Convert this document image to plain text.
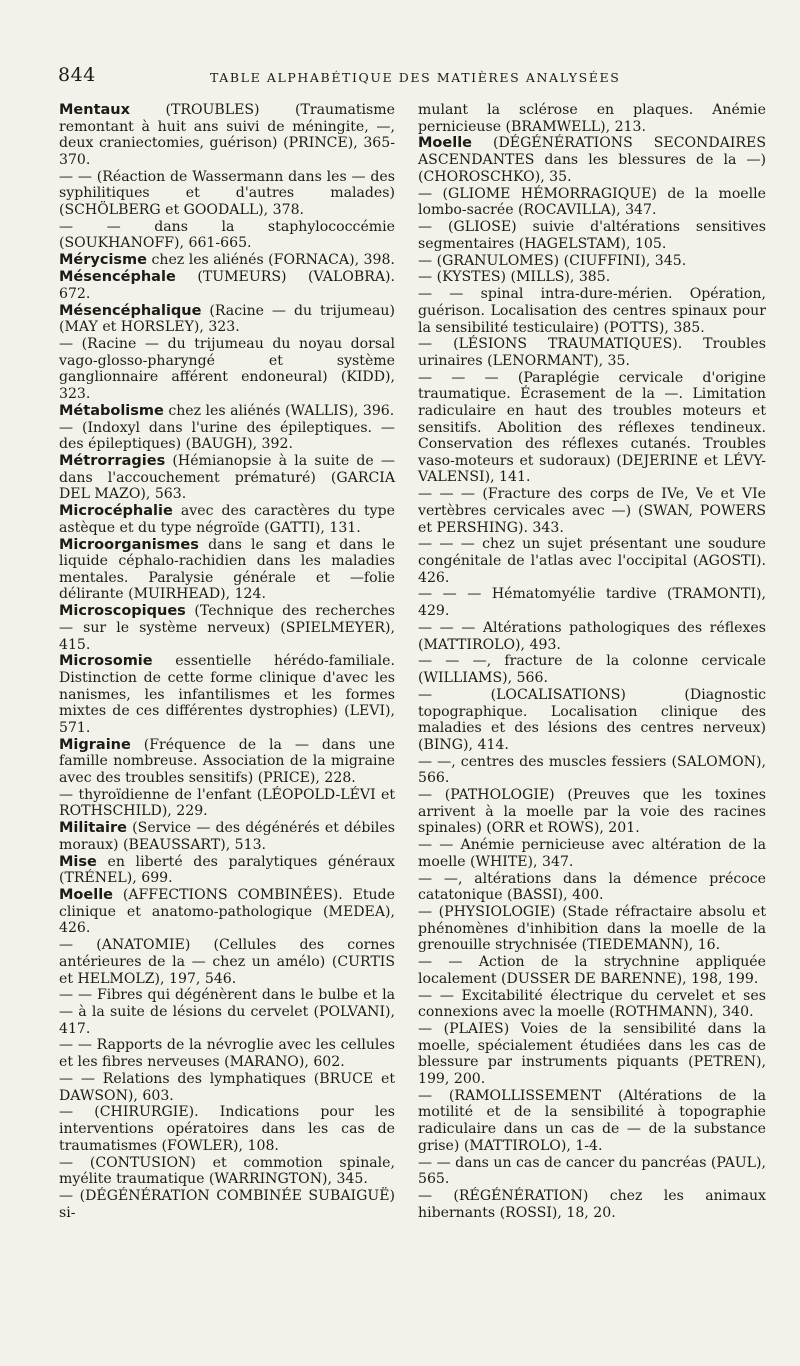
844	TABLE ALPHABÉTIQUE DES MATIÈRES ANALYSÉES

Mentaux (TROUBLES) (Traumatisme remontant à huit ans suivi de méningite, —, deux craniectomies, guérison) (PRINCE), 365-370.

— — (Réaction de Wassermann dans les — des syphilitiques et d'autres malades) (SCHÖLBERG et GOODALL), 378.

— — dans la staphylococcémie (SOUKHANOFF), 661-665.

Mérycisme chez les aliénés (FORNACA), 398.

Mésencéphale (TUMEURS) (VALOBRA). 672.

Mésencéphalique (Racine — du trijumeau) (MAY et HORSLEY), 323.

— (Racine — du trijumeau du noyau dorsal vago-glosso-pharyngé et système ganglionnaire afférent endoneural) (KIDD), 323.

Métabolisme chez les aliénés (WALLIS), 396.

— (Indoxyl dans l'urine des épileptiques. — des épileptiques) (BAUGH), 392.

Métrorragies (Hémianopsie à la suite de — dans l'accouchement prématuré) (GARCIA DEL MAZO), 563.

Microcéphalie avec des caractères du type astèque et du type négroïde (GATTI), 131.

Microorganismes dans le sang et dans le liquide céphalo-rachidien dans les maladies mentales. Paralysie générale et —folie délirante (MUIRHEAD), 124.

Microscopiques (Technique des recherches — sur le système nerveux) (SPIELMEYER), 415.

Microsomie essentielle hérédo-familiale. Distinction de cette forme clinique d'avec les nanismes, les infantilismes et les formes mixtes de ces différentes dystrophies) (LEVI), 571.

Migraine (Fréquence de la — dans une famille nombreuse. Association de la migraine avec des troubles sensitifs) (PRICE), 228.

— thyroïdienne de l'enfant (LÉOPOLD-LÉVI et ROTHSCHILD), 229.

Militaire (Service — des dégénérés et débiles moraux) (BEAUSSART), 513.

Mise en liberté des paralytiques généraux (TRÉNEL), 699.

Moelle (AFFECTIONS COMBINÉES). Etude clinique et anatomo-pathologique (MEDEA), 426.

— (ANATOMIE) (Cellules des cornes antérieures de la — chez un amélo) (CURTIS et HELMOLZ), 197, 546.

— — Fibres qui dégénèrent dans le bulbe et la — à la suite de lésions du cervelet (POLVANI), 417.

— — Rapports de la névroglie avec les cellules et les fibres nerveuses (MARANO), 602.

— — Relations des lymphatiques (BRUCE et DAWSON), 603.

— (CHIRURGIE). Indications pour les interventions opératoires dans les cas de traumatismes (FOWLER), 108.

— (CONTUSION) et commotion spinale, myélite traumatique (WARRINGTON), 345.

— (DÉGÉNÉRATION COMBINÉE SUBAIGUË) si-

mulant la sclérose en plaques. Anémie pernicieuse (BRAMWELL), 213.

Moelle (DÉGÉNÉRATIONS SECONDAIRES ASCENDANTES dans les blessures de la —) (CHOROSCHKO), 35.

— (GLIOME HÉMORRAGIQUE) de la moelle lombo-sacrée (ROCAVILLA), 347.

— (GLIOSE) suivie d'altérations sensitives segmentaires (HAGELSTAM), 105.

— (GRANULOMES) (CIUFFINI), 345.

— (KYSTES) (MILLS), 385.

— — spinal intra-dure-mérien. Opération, guérison. Localisation des centres spinaux pour la sensibilité testiculaire) (POTTS), 385.

— (LÉSIONS TRAUMATIQUES). Troubles urinaires (LENORMANT), 35.

— — — (Paraplégie cervicale d'origine traumatique. Écrasement de la —. Limitation radiculaire en haut des troubles moteurs et sensitifs. Abolition des réflexes tendineux. Conservation des réflexes cutanés. Troubles vaso-moteurs et sudoraux) (DEJERINE et LÉVY-VALENSI), 141.

— — — (Fracture des corps de IVe, Ve et VIe vertèbres cervicales avec —) (SWAN, POWERS et PERSHING). 343.

— — — chez un sujet présentant une soudure congénitale de l'atlas avec l'occipital (AGOSTI). 426.

— — — Hématomyélie tardive (TRAMONTI), 429.

— — — Altérations pathologiques des réflexes (MATTIROLO), 493.

— — —, fracture de la colonne cervicale (WILLIAMS), 566.

— (LOCALISATIONS) (Diagnostic topographique. Localisation clinique des maladies et des lésions des centres nerveux) (BING), 414.

— —, centres des muscles fessiers (SALOMON), 566.

— (PATHOLOGIE) (Preuves que les toxines arrivent à la moelle par la voie des racines spinales) (ORR et ROWS), 201.

— — Anémie pernicieuse avec altération de la moelle (WHITE), 347.

— —, altérations dans la démence précoce catatonique (BASSI), 400.

— (PHYSIOLOGIE) (Stade réfractaire absolu et phénomènes d'inhibition dans la moelle de la grenouille strychnisée (TIEDEMANN), 16.

— — Action de la strychnine appliquée localement (DUSSER DE BARENNE), 198, 199.

— — Excitabilité électrique du cervelet et ses connexions avec la moelle (ROTHMANN), 340.

— (PLAIES) Voies de la sensibilité dans la moelle, spécialement étudiées dans les cas de blessure par instruments piquants (PETREN), 199, 200.

— (RAMOLLISSEMENT (Altérations de la motilité et de la sensibilité à topographie radiculaire dans un cas de — de la substance grise) (MATTIROLO), 1-4.

— — dans un cas de cancer du pancréas (PAUL), 565.

— (RÉGÉNÉRATION) chez les animaux hibernants (ROSSI), 18, 20.
